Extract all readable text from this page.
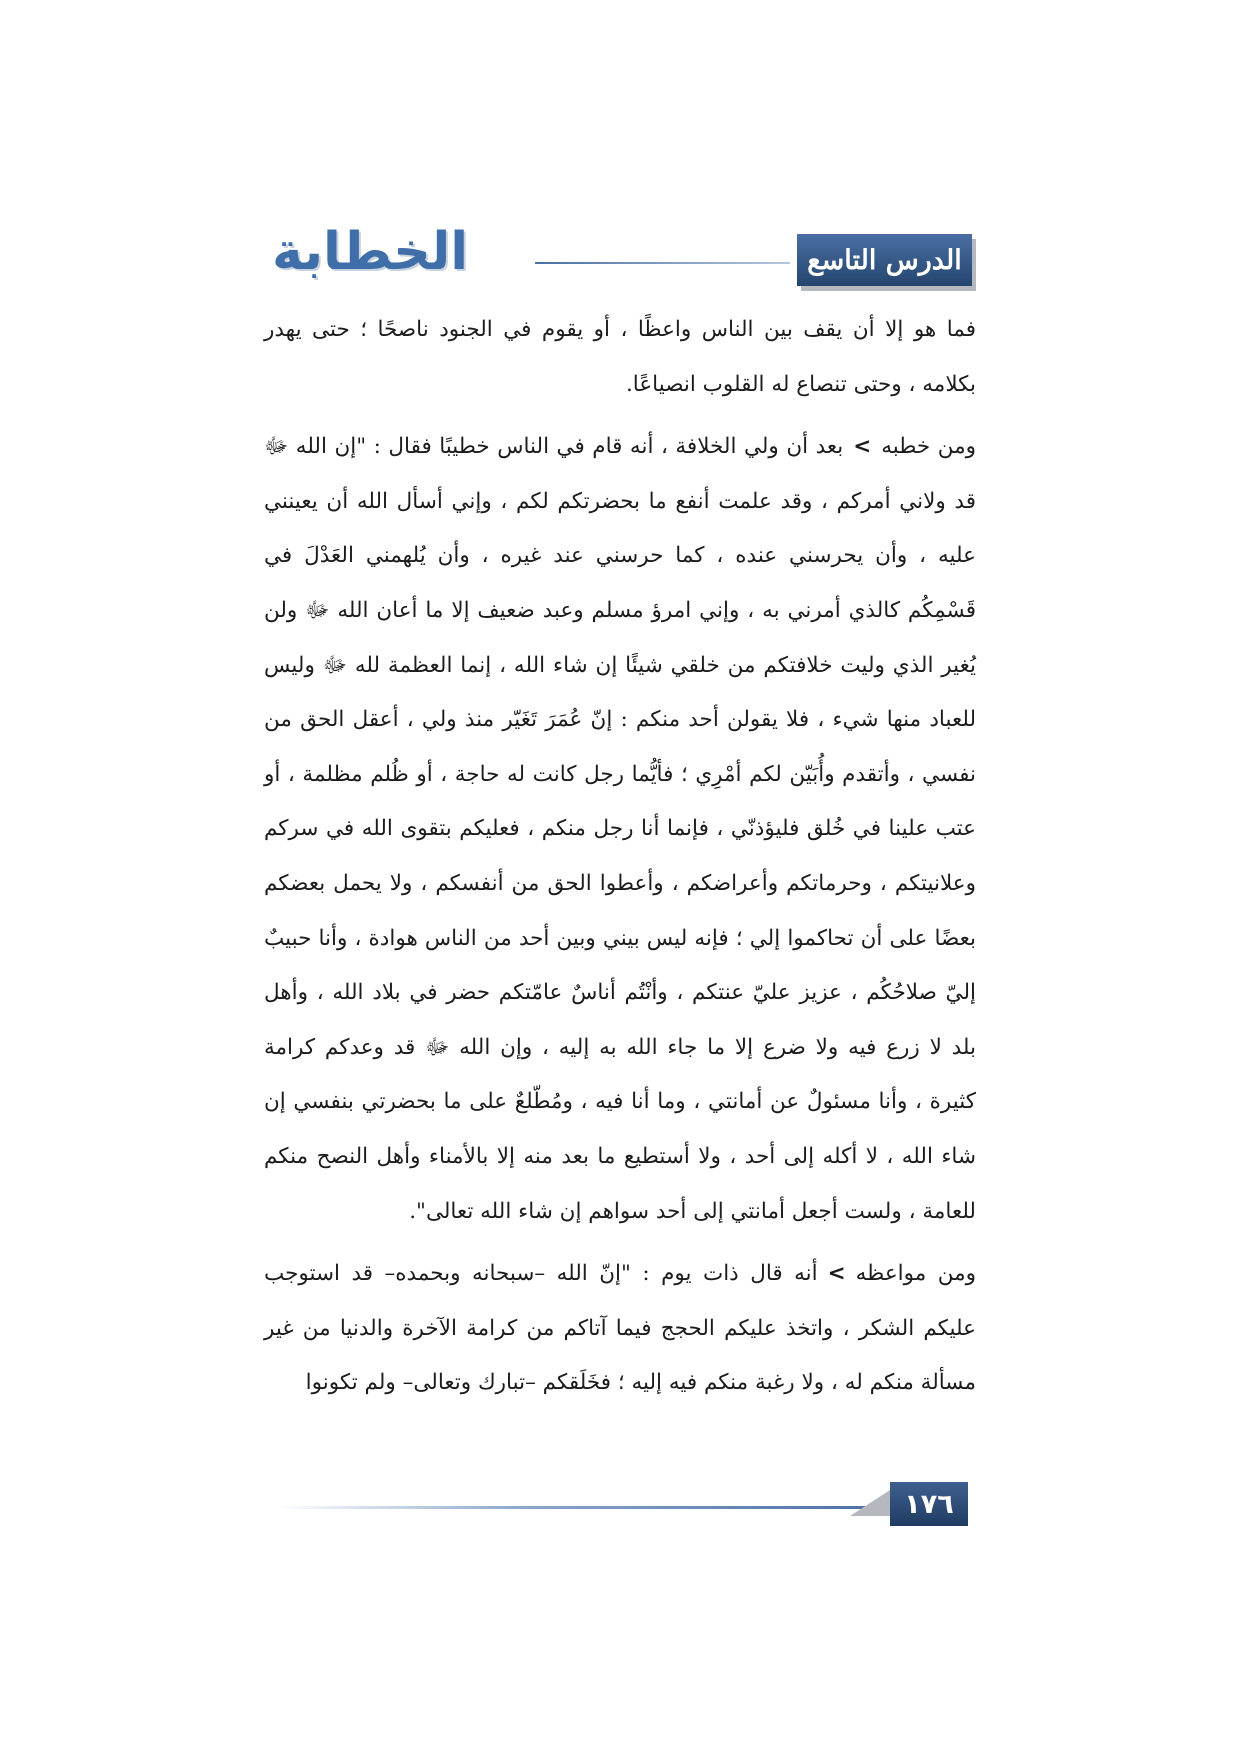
الدرس التاسع
الخطابة

فما هو إلا أن يقف بين الناس واعظًا ، أو يقوم في الجنود ناصحًا ؛ حتى يهدر بكلامه ، وحتى تنصاع له القلوب انصياعًا.

ومن خطبه>بعد أن ولي الخلافة ، أنه قام في الناس خطيبًا فقال : "إن الله ﷻ قد ولاني أمركم ، وقد علمت أنفع ما بحضرتكم لكم ، وإني أسأل الله أن يعينني عليه ، وأن يحرسني عنده ، كما حرسني عند غيره ، وأن يُلهمني العَدْلَ في قَسْمِكُم كالذي أمرني به ، وإني امرؤ مسلم وعبد ضعيف إلا ما أعان الله ﷻ ولن يُغير الذي وليت خلافتكم من خلقي شيئًا إن شاء الله ، إنما العظمة لله ﷻ وليس للعباد منها شيء ، فلا يقولن أحد منكم : إنّ عُمَرَ تَغَيّر منذ ولي ، أعقل الحق من نفسي ، وأتقدم وأُبَيّن لكم أمْرِي ؛ فأيُّما رجل كانت له حاجة ، أو ظُلم مظلمة ، أو عتب علينا في خُلق فليؤذنّي ، فإنما أنا رجل منكم ، فعليكم بتقوى الله في سركم وعلانيتكم ، وحرماتكم وأعراضكم ، وأعطوا الحق من أنفسكم ، ولا يحمل بعضكم بعضًا على أن تحاكموا إلي ؛ فإنه ليس بيني وبين أحد من الناس هوادة ، وأنا حبيبٌ إليّ صلاحُكُم ، عزيز عليّ عنتكم ، وأنْتُم أناسٌ عامّتكم حضر في بلاد الله ، وأهل بلد لا زرع فيه ولا ضرع إلا ما جاء الله به إليه ، وإن الله ﷻ قد وعدكم كرامة كثيرة ، وأنا مسئولٌ عن أمانتي ، وما أنا فيه ، ومُطّلعٌ على ما بحضرتي بنفسي إن شاء الله ، لا أكله إلى أحد ، ولا أستطيع ما بعد منه إلا بالأمناء وأهل النصح منكم للعامة ، ولست أجعل أمانتي إلى أحد سواهم إن شاء الله تعالى".

ومن مواعظه>أنه قال ذات يوم : "إنّ الله –سبحانه وبحمده– قد استوجب عليكم الشكر ، واتخذ عليكم الحجج فيما آتاكم من كرامة الآخرة والدنيا من غير مسألة منكم له ، ولا رغبة منكم فيه إليه ؛ فخَلَقكم –تبارك وتعالى– ولم تكونوا

١٧٦
